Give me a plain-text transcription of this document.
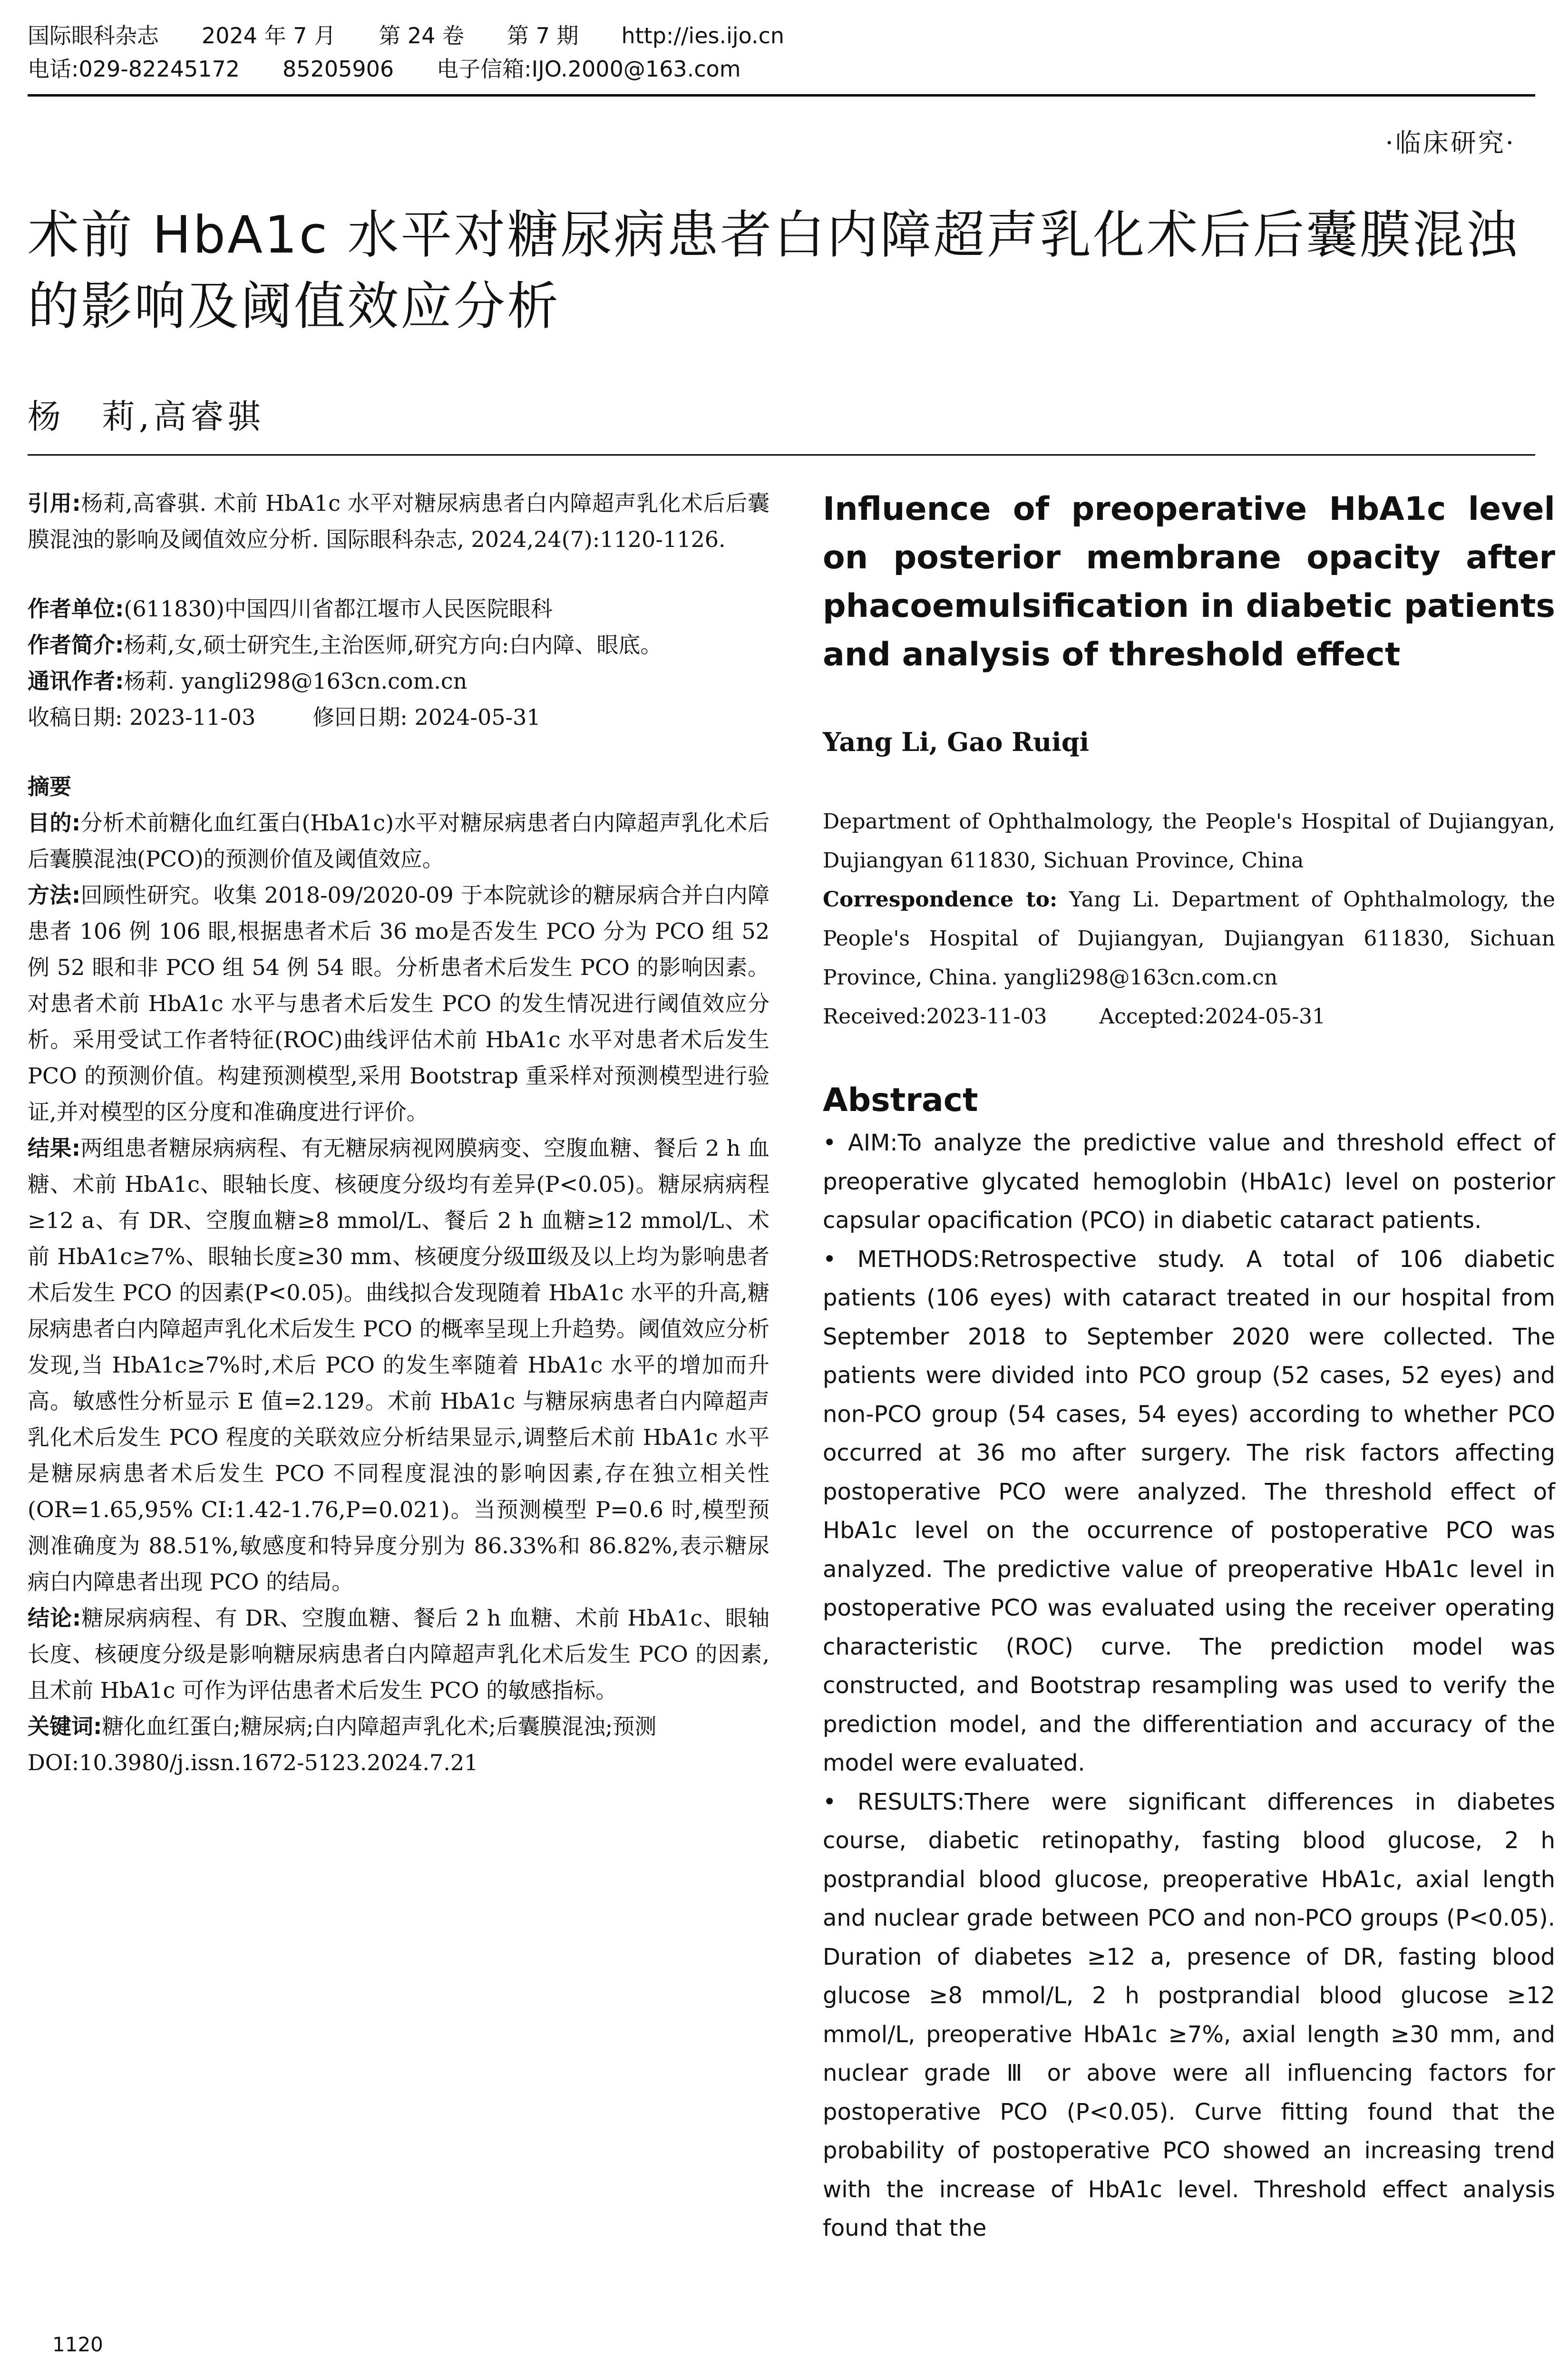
国际眼科杂志 2024 年 7 月 第 24 卷 第 7 期 http://ies.ijo.cn
电话:029-82245172 85205906 电子信箱:IJO.2000@163.com
·临床研究·
术前 HbA1c 水平对糖尿病患者白内障超声乳化术后后囊膜混浊的影响及阈值效应分析
杨　莉,高睿骐

引用:杨莉,高睿骐. 术前 HbA1c 水平对糖尿病患者白内障超声乳化术后后囊膜混浊的影响及阈值效应分析. 国际眼科杂志, 2024,24(7):1120-1126.

作者单位:(611830)中国四川省都江堰市人民医院眼科

作者简介:杨莉,女,硕士研究生,主治医师,研究方向:白内障、眼底。

通讯作者:杨莉. yangli298@163cn.com.cn

收稿日期: 2023-11-03	修回日期: 2024-05-31

摘要

目的:分析术前糖化血红蛋白(HbA1c)水平对糖尿病患者白内障超声乳化术后后囊膜混浊(PCO)的预测价值及阈值效应。

方法:回顾性研究。收集 2018-09/2020-09 于本院就诊的糖尿病合并白内障患者 106 例 106 眼,根据患者术后 36 mo是否发生 PCO 分为 PCO 组 52 例 52 眼和非 PCO 组 54 例 54 眼。分析患者术后发生 PCO 的影响因素。对患者术前 HbA1c 水平与患者术后发生 PCO 的发生情况进行阈值效应分析。采用受试工作者特征(ROC)曲线评估术前 HbA1c 水平对患者术后发生 PCO 的预测价值。构建预测模型,采用 Bootstrap 重采样对预测模型进行验证,并对模型的区分度和准确度进行评价。

结果:两组患者糖尿病病程、有无糖尿病视网膜病变、空腹血糖、餐后 2 h 血糖、术前 HbA1c、眼轴长度、核硬度分级均有差异(P<0.05)。糖尿病病程≥12 a、有 DR、空腹血糖≥8 mmol/L、餐后 2 h 血糖≥12 mmol/L、术前 HbA1c≥7%、眼轴长度≥30 mm、核硬度分级Ⅲ级及以上均为影响患者术后发生 PCO 的因素(P<0.05)。曲线拟合发现随着 HbA1c 水平的升高,糖尿病患者白内障超声乳化术后发生 PCO 的概率呈现上升趋势。阈值效应分析发现,当 HbA1c≥7%时,术后 PCO 的发生率随着 HbA1c 水平的增加而升高。敏感性分析显示 E 值=2.129。术前 HbA1c 与糖尿病患者白内障超声乳化术后发生 PCO 程度的关联效应分析结果显示,调整后术前 HbA1c 水平是糖尿病患者术后发生 PCO 不同程度混浊的影响因素,存在独立相关性(OR=1.65,95% CI:1.42-1.76,P=0.021)。当预测模型 P=0.6 时,模型预测准确度为 88.51%,敏感度和特异度分别为 86.33%和 86.82%,表示糖尿病白内障患者出现 PCO 的结局。

结论:糖尿病病程、有 DR、空腹血糖、餐后 2 h 血糖、术前 HbA1c、眼轴长度、核硬度分级是影响糖尿病患者白内障超声乳化术后发生 PCO 的因素,且术前 HbA1c 可作为评估患者术后发生 PCO 的敏感指标。

关键词:糖化血红蛋白;糖尿病;白内障超声乳化术;后囊膜混浊;预测

DOI:10.3980/j.issn.1672-5123.2024.7.21

Influence of preoperative HbA1c level on posterior membrane opacity after phacoemulsification in diabetic patients and analysis of threshold effect

Yang Li, Gao Ruiqi

Department of Ophthalmology, the People's Hospital of Dujiangyan, Dujiangyan 611830, Sichuan Province, China

Correspondence to: Yang Li. Department of Ophthalmology, the People's Hospital of Dujiangyan, Dujiangyan 611830, Sichuan Province, China. yangli298@163cn.com.cn

Received:2023-11-03	Accepted:2024-05-31

Abstract

• AIM:To analyze the predictive value and threshold effect of preoperative glycated hemoglobin (HbA1c) level on posterior capsular opacification (PCO) in diabetic cataract patients.

• METHODS:Retrospective study. A total of 106 diabetic patients (106 eyes) with cataract treated in our hospital from September 2018 to September 2020 were collected. The patients were divided into PCO group (52 cases, 52 eyes) and non-PCO group (54 cases, 54 eyes) according to whether PCO occurred at 36 mo after surgery. The risk factors affecting postoperative PCO were analyzed. The threshold effect of HbA1c level on the occurrence of postoperative PCO was analyzed. The predictive value of preoperative HbA1c level in postoperative PCO was evaluated using the receiver operating characteristic (ROC) curve. The prediction model was constructed, and Bootstrap resampling was used to verify the prediction model, and the differentiation and accuracy of the model were evaluated.

• RESULTS:There were significant differences in diabetes course, diabetic retinopathy, fasting blood glucose, 2 h postprandial blood glucose, preoperative HbA1c, axial length and nuclear grade between PCO and non-PCO groups (P<0.05). Duration of diabetes ≥12 a, presence of DR, fasting blood glucose ≥8 mmol/L, 2 h postprandial blood glucose ≥12 mmol/L, preoperative HbA1c ≥7%, axial length ≥30 mm, and nuclear grade Ⅲ or above were all influencing factors for postoperative PCO (P<0.05). Curve fitting found that the probability of postoperative PCO showed an increasing trend with the increase of HbA1c level. Threshold effect analysis found that the

1120
